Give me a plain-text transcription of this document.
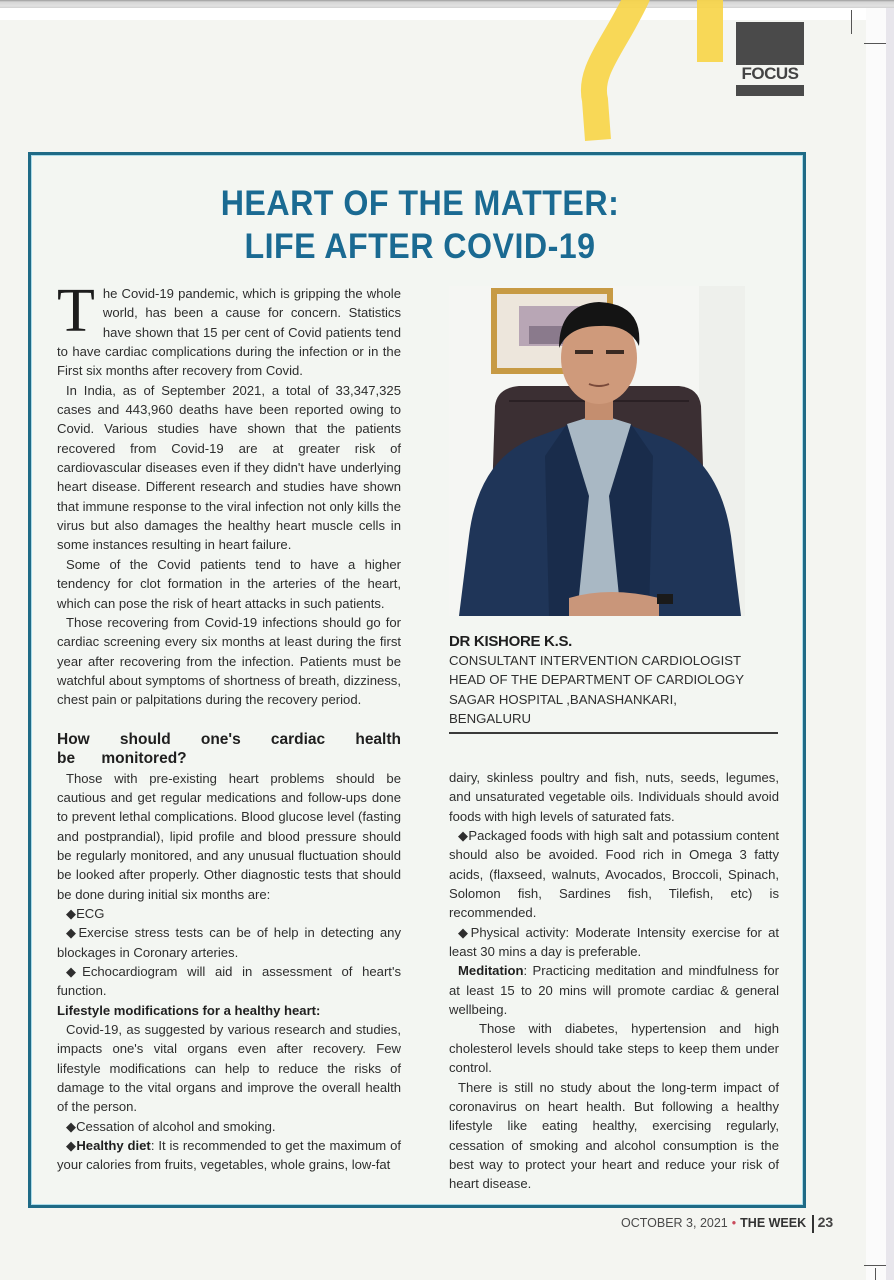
FOCUS
HEART OF THE MATTER:
LIFE AFTER COVID-19

The Covid-19 pandemic, which is gripping the whole world, has been a cause for concern. Statistics have shown that 15 per cent of Covid patients tend to have cardiac complications during the infection or in the First six months after recovery from Covid.

In India, as of September 2021, a total of 33,347,325 cases and 443,960 deaths have been reported owing to Covid. Various studies have shown that the patients recovered from Covid-19 are at greater risk of cardiovascular diseases even if they didn't have underlying heart disease. Different research and studies have shown that immune response to the viral infection not only kills the virus but also damages the healthy heart muscle cells in some instances resulting in heart failure.

Some of the Covid patients tend to have a higher tendency for clot formation in the arteries of the heart, which can pose the risk of heart attacks in such patients.

Those recovering from Covid-19 infections should go for cardiac screening every six months at least during the first year after recovering from the infection. Patients must be watchful about symptoms of shortness of breath, dizziness, chest pain or palpitations during the recovery period.

How should one's cardiac health be monitored?

Those with pre-existing heart problems should be cautious and get regular medications and follow-ups done to prevent lethal complications. Blood glucose level (fasting and postprandial), lipid profile and blood pressure should be regularly monitored, and any unusual fluctuation should be looked after properly. Other diagnostic tests that should be done during initial six months are:

◆ECG

◆Exercise stress tests can be of help in detecting any blockages in Coronary arteries.

◆Echocardiogram will aid in assessment of heart's function.

Lifestyle modifications for a healthy heart:

Covid-19, as suggested by various research and studies, impacts one's vital organs even after recovery. Few lifestyle modifications can help to reduce the risks of damage to the vital organs and improve the overall health of the person.

◆Cessation of alcohol and smoking.

◆Healthy diet: It is recommended to get the maximum of your calories from fruits, vegetables, whole grains, low-fat

DR KISHORE K.S.
CONSULTANT INTERVENTION CARDIOLOGIST
HEAD OF THE DEPARTMENT OF CARDIOLOGY
SAGAR HOSPITAL ,BANASHANKARI,
BENGALURU

dairy, skinless poultry and fish, nuts, seeds, legumes, and unsaturated vegetable oils. Individuals should avoid foods with high levels of saturated fats.

◆Packaged foods with high salt and potassium content should also be avoided. Food rich in Omega 3 fatty acids, (flaxseed, walnuts, Avocados, Broccoli, Spinach, Solomon fish, Sardines fish, Tilefish, etc) is recommended.

◆Physical activity: Moderate Intensity exercise for at least 30 mins a day is preferable.

Meditation: Practicing meditation and mindfulness for at least 15 to 20 mins will promote cardiac & general wellbeing.

Those with diabetes, hypertension and high cholesterol levels should take steps to keep them under control.

There is still no study about the long-term impact of coronavirus on heart health. But following a healthy lifestyle like eating healthy, exercising regularly, cessation of smoking and alcohol consumption is the best way to protect your heart and reduce your risk of heart disease.

OCTOBER 3, 2021 • THE WEEK 23
